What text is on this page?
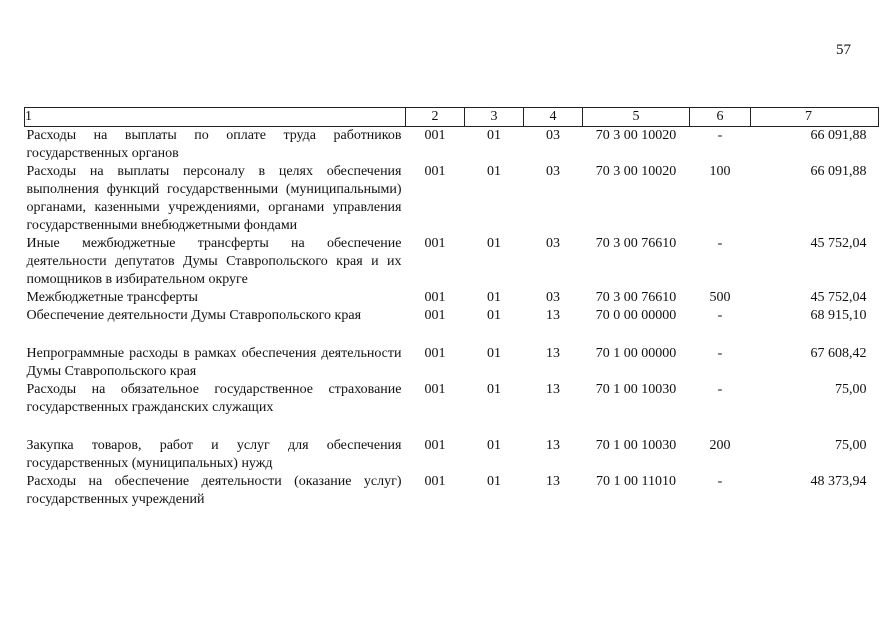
57
1	2	3	4	5	6	7
Расходы на выплаты по оплате труда работников государственных органов	001	01	03	70 3 00 10020	-	66 091,88
Расходы на выплаты персоналу в целях обеспечения выполнения функций государственными (муниципальными) органами, казенными учреждениями, органами управления государственными внебюджетными фондами	001	01	03	70 3 00 10020	100	66 091,88
Иные межбюджетные трансферты на обеспечение деятельности депутатов Думы Ставропольского края и их помощников в избирательном округе	001	01	03	70 3 00 76610	-	45 752,04
Межбюджетные трансферты	001	01	03	70 3 00 76610	500	45 752,04
Обеспечение деятельности Думы Ставропольского края	001	01	13	70 0 00 00000	-	68 915,10
Непрограммные расходы в рамках обеспечения деятельности Думы Ставропольского края	001	01	13	70 1 00 00000	-	67 608,42
Расходы на обязательное государственное страхование государственных гражданских служащих	001	01	13	70 1 00 10030	-	75,00
Закупка товаров, работ и услуг для обеспечения государственных (муниципальных) нужд	001	01	13	70 1 00 10030	200	75,00
Расходы на обеспечение деятельности (оказание услуг) государственных учреждений	001	01	13	70 1 00 11010	-	48 373,94
